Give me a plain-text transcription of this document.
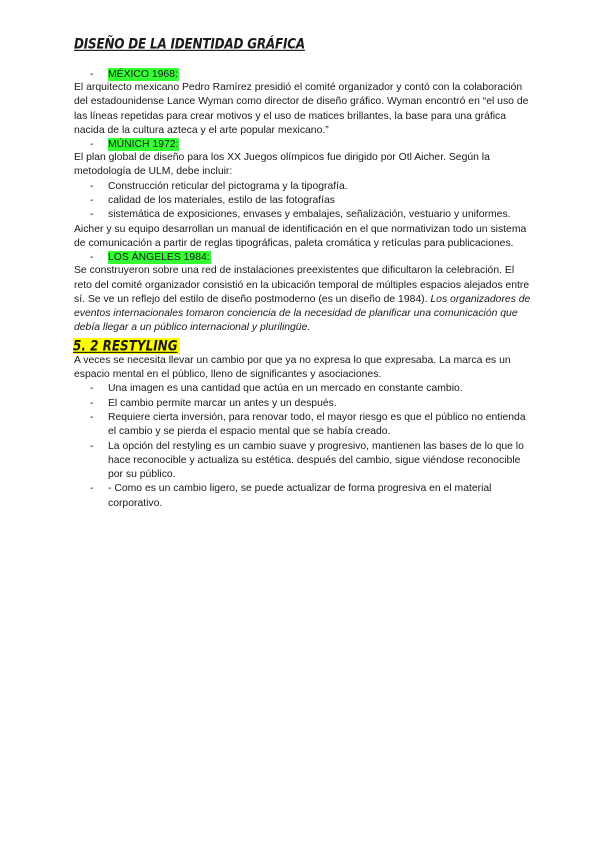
DISEÑO DE LA IDENTIDAD GRÁFICA
-	MÉXICO 1968:

El arquitecto mexicano Pedro Ramírez presidió el comité organizador y contó con la colaboración del estadounidense Lance Wyman como director de diseño gráfico. Wyman encontró en “el uso de las líneas repetidas para crear motivos y el uso de matices brillantes, la base para una gráfica nacida de la cultura azteca y el arte popular mexicano.”

-	MÚNICH 1972:

El plan global de diseño para los XX Juegos olímpicos fue dirigido por Otl Aicher. Según la metodología de ULM, debe incluir:

-	Construcción reticular del pictograma y la tipografía.
-	calidad de los materiales, estilo de las fotografías
-	sistemática de exposiciones, envases y embalajes, señalización, vestuario y uniformes.

Aicher y su equipo desarrollan un manual de identificación en el que normativizan todo un sistema de comunicación a partir de reglas tipográficas, paleta cromática y retículas para publicaciones.

-	LOS ÁNGELES 1984:

Se construyeron sobre una red de instalaciones preexistentes que dificultaron la celebración. El reto del comité organizador consistió en la ubicación temporal de múltiples espacios alejados entre sí. Se ve un reflejo del estilo de diseño postmoderno (es un diseño de 1984). Los organizadores de eventos internacionales tomaron conciencia de la necesidad de planificar una comunicación que debía llegar a un público internacional y plurilingüe.

5. 2 RESTYLING

A veces se necesita llevar un cambio por que ya no expresa lo que expresaba. La marca es un espacio mental en el público, lleno de significantes y asociaciones.

-	Una imagen es una cantidad que actúa en un mercado en constante cambio.
-	El cambio permite marcar un antes y un después.
-	Requiere cierta inversión, para renovar todo, el mayor riesgo es que el público no entienda el cambio y se pierda el espacio mental que se había creado.
-	La opción del restyling es un cambio suave y progresivo, mantienen las bases de lo que lo hace reconocible y actualiza su estética. después del cambio, sigue viéndose reconocible por su público.
-	- Como es un cambio ligero, se puede actualizar de forma progresiva en el material corporativo.
